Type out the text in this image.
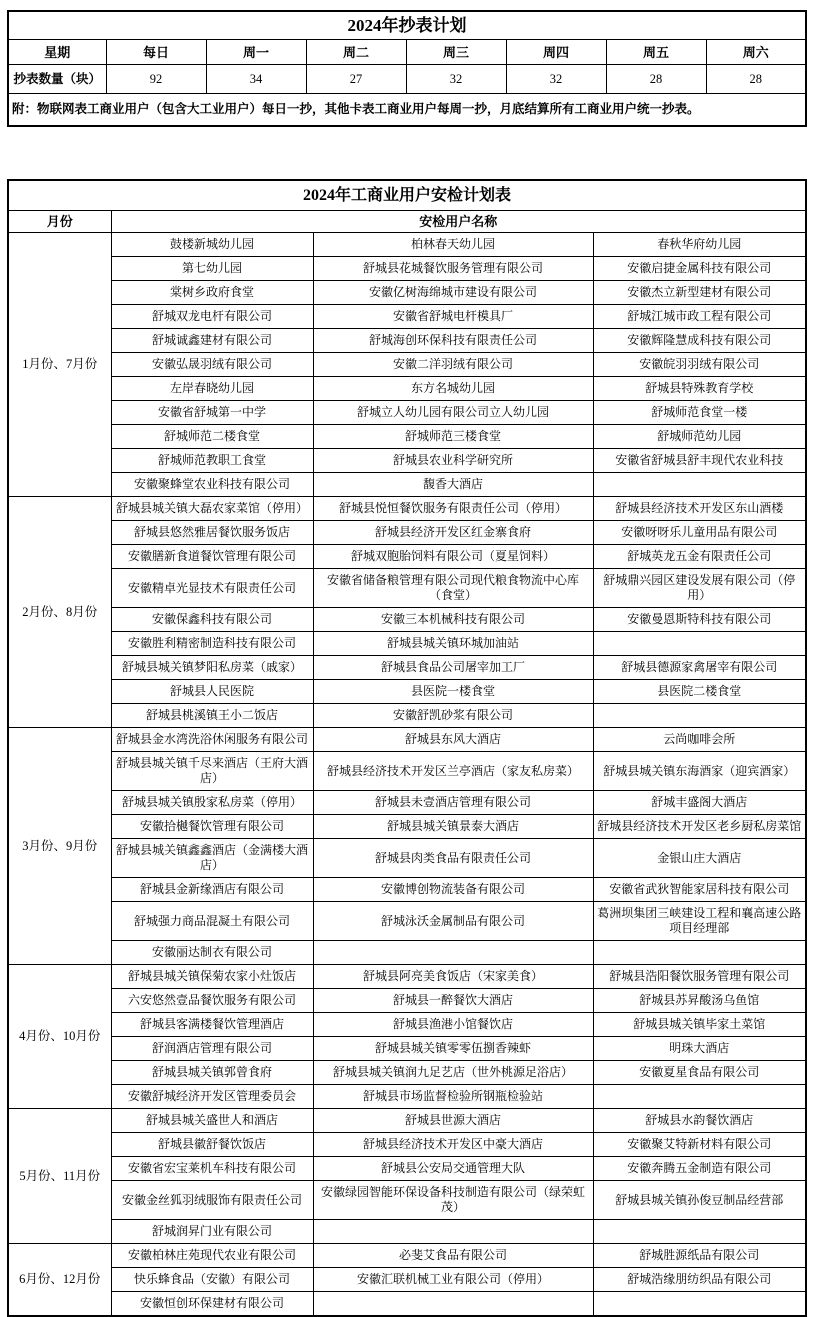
2024年抄表计划							
星期	每日	周一	周二	周三	周四	周五	周六
抄表数量（块）	92	34	27	32	32	28	28
附：物联网表工商业用户（包含大工业用户）每日一抄，其他卡表工商业用户每周一抄，月底结算所有工商业用户统一抄表。							
2024年工商业用户安检计划表			
月份	安检用户名称		
1月份、7月份	鼓楼新城幼儿园	柏林春天幼儿园	春秋华府幼儿园
	第七幼儿园	舒城县花城餐饮服务管理有限公司	安徽启捷金属科技有限公司
	棠树乡政府食堂	安徽亿树海绵城市建设有限公司	安徽杰立新型建材有限公司
	舒城双龙电杆有限公司	安徽省舒城电杆模具厂	舒城江城市政工程有限公司
	舒城诚鑫建材有限公司	舒城海创环保科技有限责任公司	安徽辉隆慧成科技有限公司
	安徽弘晟羽绒有限公司	安徽二洋羽绒有限公司	安徽皖羽羽绒有限公司
	左岸春晓幼儿园	东方名城幼儿园	舒城县特殊教育学校
	安徽省舒城第一中学	舒城立人幼儿园有限公司立人幼儿园	舒城师范食堂一楼
	舒城师范二楼食堂	舒城师范三楼食堂	舒城师范幼儿园
	舒城师范教职工食堂	舒城县农业科学研究所	安徽省舒城县舒丰现代农业科技
	安徽聚蜂堂农业科技有限公司	馥香大酒店	
2月份、8月份	舒城县城关镇大磊农家菜馆（停用）	舒城县悦恒餐饮服务有限责任公司（停用）	舒城县经济技术开发区东山酒楼
	舒城县悠然雅居餐饮服务饭店	舒城县经济开发区红金寨食府	安徽呀呀乐儿童用品有限公司
	安徽膳新食道餐饮管理有限公司	舒城双胞胎饲料有限公司（夏星饲料）	舒城英龙五金有限责任公司
	安徽精卓光显技术有限责任公司	安徽省储备粮管理有限公司现代粮食物流中心库（食堂）	舒城鼎兴园区建设发展有限公司（停用）
	安徽保鑫科技有限公司	安徽三本机械科技有限公司	安徽曼恩斯特科技有限公司
	安徽胜利精密制造科技有限公司	舒城县城关镇环城加油站	
	舒城县城关镇梦阳私房菜（戚家）	舒城县食品公司屠宰加工厂	舒城县德源家禽屠宰有限公司
	舒城县人民医院	县医院一楼食堂	县医院二楼食堂
	舒城县桃溪镇王小二饭店	安徽舒凯砂浆有限公司	
3月份、9月份	舒城县金水湾洗浴休闲服务有限公司	舒城县东风大酒店	云尚咖啡会所
	舒城县城关镇千尽来酒店（王府大酒店）	舒城县经济技术开发区兰亭酒店（家友私房菜）	舒城县城关镇东海酒家（迎宾酒家）
	舒城县城关镇殷家私房菜（停用）	舒城县未壹酒店管理有限公司	舒城丰盛阁大酒店
	安徽拾樾餐饮管理有限公司	舒城县城关镇景泰大酒店	舒城县经济技术开发区老乡厨私房菜馆
	舒城县城关镇鑫鑫酒店（金满楼大酒店）	舒城县肉类食品有限责任公司	金银山庄大酒店
	舒城县金新缘酒店有限公司	安徽博创物流装备有限公司	安徽省武狄智能家居科技有限公司
	舒城强力商品混凝土有限公司	舒城泳沃金属制品有限公司	葛洲坝集团三峡建设工程和襄高速公路项目经理部
	安徽丽达制衣有限公司		
4月份、10月份	舒城县城关镇保菊农家小灶饭店	舒城县阿亮美食饭店（宋家美食）	舒城县浩阳餐饮服务管理有限公司
	六安悠然壹品餐饮服务有限公司	舒城县一醉餐饮大酒店	舒城县苏昇酸汤乌鱼馆
	舒城县客满楼餐饮管理酒店	舒城县渔港小馆餐饮店	舒城县城关镇毕家土菜馆
	舒润酒店管理有限公司	舒城县城关镇零零伍捌香辣虾	明珠大酒店
	舒城县城关镇郭曾食府	舒城县城关镇润九足艺店（世外桃源足浴店）	安徽夏星食品有限公司
	安徽舒城经济开发区管理委员会	舒城县市场监督检验所钢瓶检验站	
5月份、11月份	舒城县城关盛世人和酒店	舒城县世源大酒店	舒城县水韵餐饮酒店
	舒城县徽舒餐饮饭店	舒城县经济技术开发区中豪大酒店	安徽聚艾特新材料有限公司
	安徽省宏宝莱机车科技有限公司	舒城县公安局交通管理大队	安徽奔腾五金制造有限公司
	安徽金丝狐羽绒服饰有限责任公司	安徽绿园智能环保设备科技制造有限公司（绿荣虹茂）	舒城县城关镇孙俊豆制品经营部
	舒城润昇门业有限公司		
6月份、12月份	安徽柏林庄苑现代农业有限公司	必斐艾食品有限公司	舒城胜源纸品有限公司
	快乐蜂食品（安徽）有限公司	安徽汇联机械工业有限公司（停用）	舒城浩缘朋纺织品有限公司
	安徽恒创环保建材有限公司		
